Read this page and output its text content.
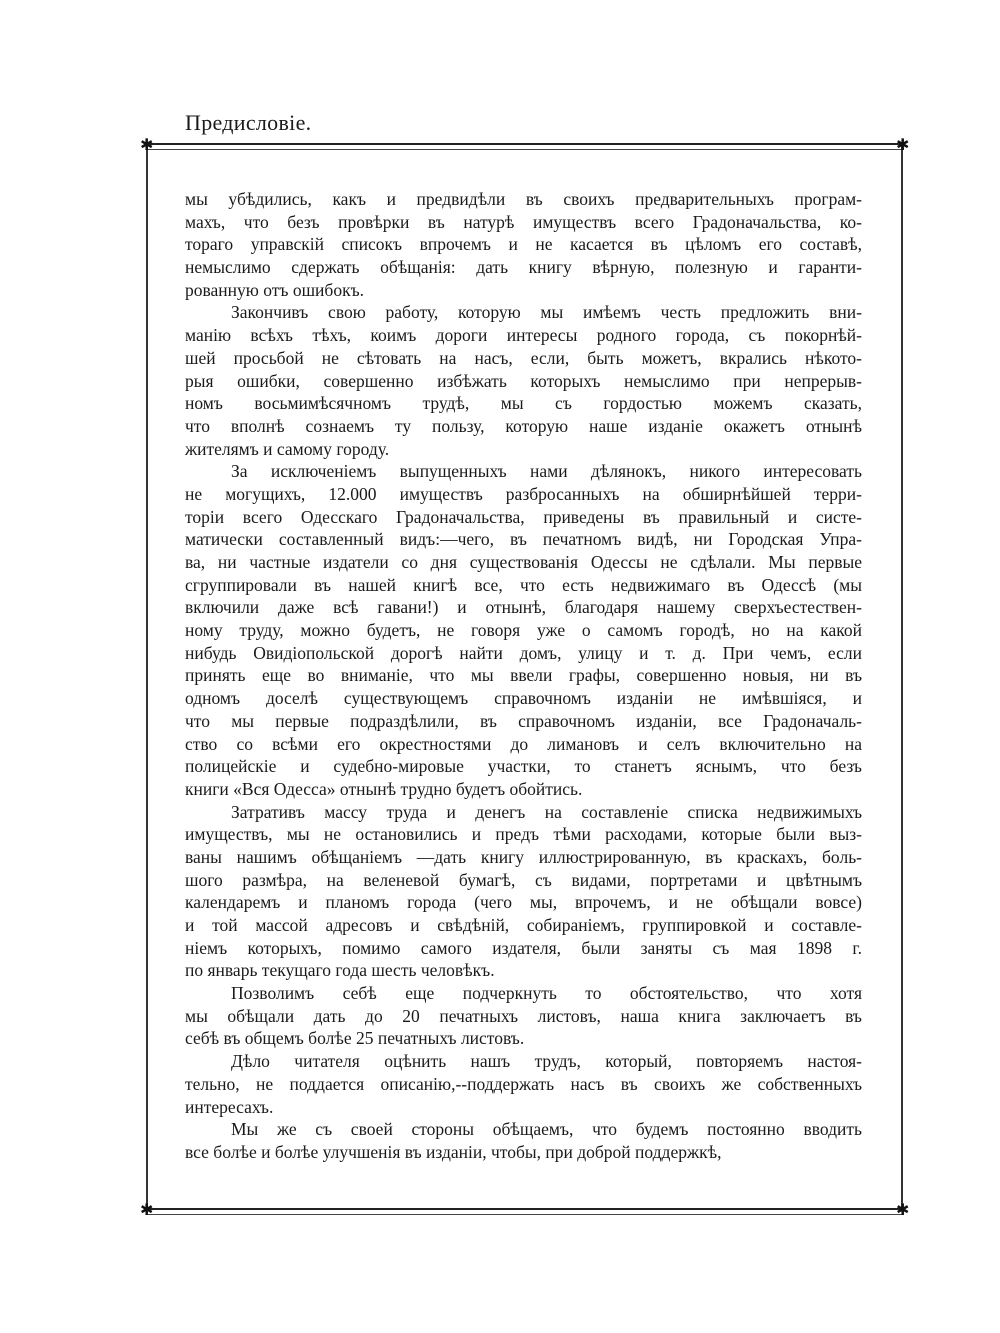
Предисловіе.
✱	✱
✱	✱
мы убѣдились, какъ и предвидѣли въ своихъ предварительныхъ програм-
махъ, что безъ провѣрки въ натурѣ имуществъ всего Градоначальства, ко-
тораго управскій списокъ впрочемъ и не касается въ цѣломъ его составѣ,
немыслимо сдержать обѣщанія: дать книгу вѣрную, полезную и гаранти-
рованную отъ ошибокъ.
Закончивъ свою работу, которую мы имѣемъ честь предложить вни-
манію всѣхъ тѣхъ, коимъ дороги интересы родного города, съ покорнѣй-
шей просьбой не сѣтовать на насъ, если, быть можетъ, вкрались нѣкото-
рыя ошибки, совершенно избѣжать которыхъ немыслимо при непрерыв-
номъ восьмимѣсячномъ трудѣ, мы съ гордостью можемъ сказать,
что вполнѣ сознаемъ ту пользу, которую наше изданіе окажетъ отнынѣ
жителямъ и самому городу.
За исключеніемъ выпущенныхъ нами дѣлянокъ, никого интересовать
не могущихъ, 12.000 имуществъ разбросанныхъ на обширнѣйшей терри-
торіи всего Одесскаго Градоначальства, приведены въ правильный и систе-
матически составленный видъ:—чего, въ печатномъ видѣ, ни Городская Упра-
ва, ни частные издатели со дня существованія Одессы не сдѣлали. Мы первые
сгруппировали въ нашей книгѣ все, что есть недвижимаго въ Одессѣ (мы
включили даже всѣ гавани!) и отнынѣ, благодаря нашему сверхъестествен-
ному труду, можно будетъ, не говоря уже о самомъ городѣ, но на какой
нибудь Овидіопольской дорогѣ найти домъ, улицу и т. д. При чемъ, если
принять еще во вниманіе, что мы ввели графы, совершенно новыя, ни въ
одномъ доселѣ существующемъ справочномъ изданіи не имѣвшіяся, и
что мы первые подраздѣлили, въ справочномъ изданіи, все Градоначаль-
ство со всѣми его окрестностями до лимановъ и селъ включительно на
полицейскіе и судебно-мировые участки, то станетъ яснымъ, что безъ
книги «Вся Одесса» отнынѣ трудно будетъ обойтись.
Затративъ массу труда и денегъ на составленіе списка недвижимыхъ
имуществъ, мы не остановились и предъ тѣми расходами, которые были выз-
ваны нашимъ обѣщаніемъ —дать книгу иллюстрированную, въ краскахъ, боль-
шого размѣра, на веленевой бумагѣ, съ видами, портретами и цвѣтнымъ
календаремъ и планомъ города (чего мы, впрочемъ, и не обѣщали вовсе)
и той массой адресовъ и свѣдѣній, собираніемъ, группировкой и составле-
ніемъ которыхъ, помимо самого издателя, были заняты съ мая 1898 г.
по январь текущаго года шесть человѣкъ.
Позволимъ себѣ еще подчеркнуть то обстоятельство, что хотя
мы обѣщали дать до 20 печатныхъ листовъ, наша книга заключаетъ въ
себѣ въ общемъ болѣе 25 печатныхъ листовъ.
Дѣло читателя оцѣнить нашъ трудъ, который, повторяемъ настоя-
тельно, не поддается описанію,--поддержать насъ въ своихъ же собственныхъ
интересахъ.
Мы же съ своей стороны обѣщаемъ, что будемъ постоянно вводить
все болѣе и болѣе улучшенія въ изданіи, чтобы, при доброй поддержкѣ,
